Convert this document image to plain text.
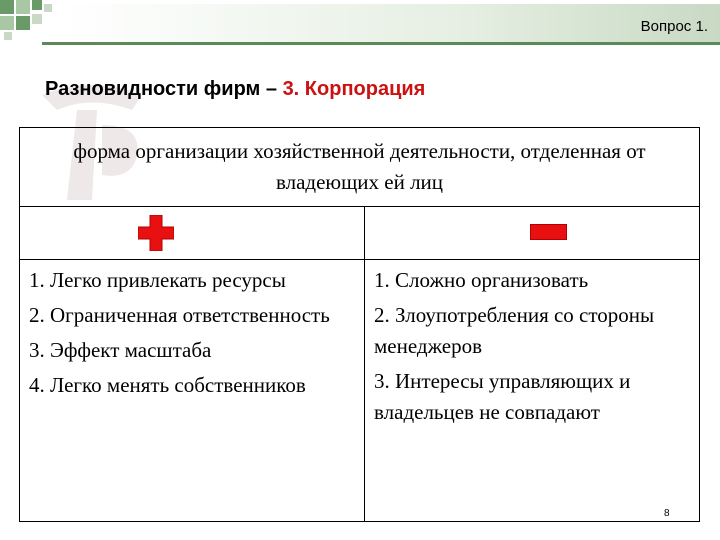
Вопрос 1.
Разновидности фирм – 3. Корпорация
форма организации хозяйственной деятельности, отделенная от владеющих ей лиц
1. Легко привлекать ресурсы
2. Ограниченная ответственность
3. Эффект масштаба
4. Легко менять собственников
1. Сложно организовать
2. Злоупотребления со стороны менеджеров
3. Интересы управляющих и владельцев не совпадают
8
